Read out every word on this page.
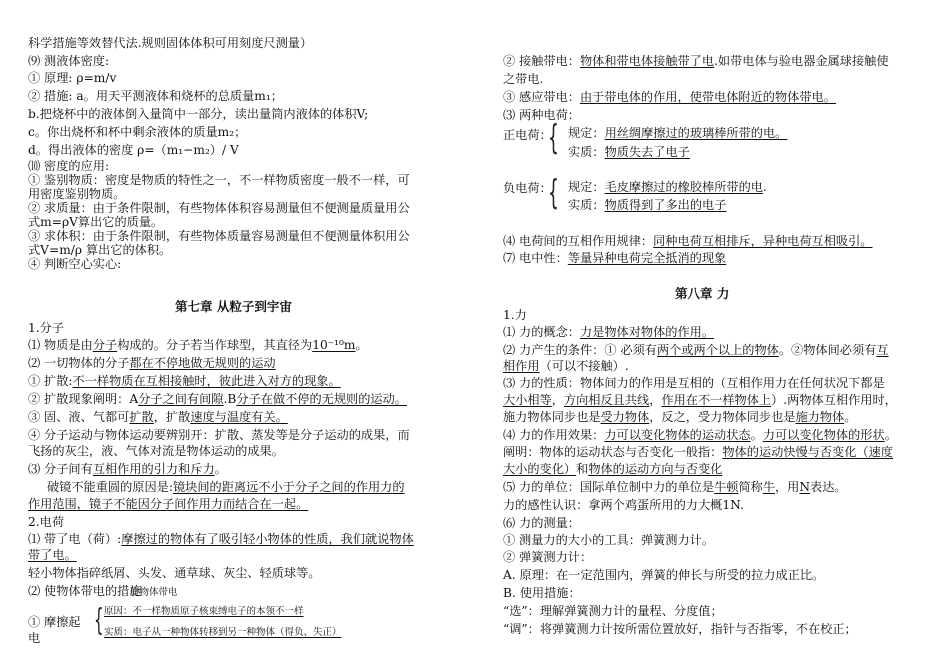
科学措施等效替代法.规则固体体积可用刻度尺测量）
⑼ 测液体密度:
① 原理: ρ=m/v
② 措施: a。用天平测液体和烧杯的总质量m₁；
b.把烧杯中的液体倒入量筒中一部分，读出量筒内液体的体积V;
c。你出烧杯和杯中剩余液体的质量m₂；
d。得出液体的密度 ρ=（m₁−m₂）/ V
⑽ 密度的应用:
① 鉴别物质：密度是物质的特性之一，不一样物质密度一般不一样，可
用密度鉴别物质。
② 求质量：由于条件限制，有些物体体积容易测量但不便测量质量用公
式m=ρV算出它的质量。
③ 求体积：由于条件限制，有些物体质量容易测量但不便测量体积用公
式V=m/ρ 算出它的体积。
④ 判断空心实心:
第七章 从粒子到宇宙
1.分子
⑴ 物质是由分子构成的。分子若当作球型，其直径为10⁻¹⁰m。
⑵ 一切物体的分子都在不停地做无规则的运动
① 扩散:不一样物质在互相接触时，彼此进入对方的现象。
② 扩散现象阐明：A分子之间有间隙.B分子在做不停的无规则的运动。
③ 固、液、气都可扩散，扩散速度与温度有关。
④ 分子运动与物体运动要辨别开：扩散、蒸发等是分子运动的成果，而
飞扬的灰尘，液、气体对流是物体运动的成果。
⑶ 分子间有互相作用的引力和斥力。
破镜不能重圆的原因是:镜块间的距离远不小于分子之间的作用力的
作用范围，镜子不能因分子间作用力而结合在一起。
2.电荷
⑴ 带了电（荷）:摩擦过的物体有了吸引轻小物体的性质，我们就说物体
带了电。
轻小物体指碎纸屑、头发、通草球、灰尘、轻质球等。
⑵ 使物体带电的措施
使物体带电
① 摩擦起
电 { 原因：不一样物质原子核束缚电子的本领不一样
实质：电子从一种物体转移到另一种物体（得负、失正）
② 接触带电：物体和带电体接触带了电.如带电体与验电器金属球接触使
之带电.
③ 感应带电：由于带电体的作用，使带电体附近的物体带电。
⑶ 两种电荷：
正电荷：
{ 规定：用丝绸摩擦过的玻璃棒所带的电。
实质：物质失去了电子
负电荷：
{ 规定：毛皮摩擦过的橡胶棒所带的电.
实质：物质得到了多出的电子
⑷ 电荷间的互相作用规律：同种电荷互相排斥，异种电荷互相吸引。
⑺ 电中性：等量异种电荷完全抵消的现象
第八章 力
1.力
⑴ 力的概念：力是物体对物体的作用。
⑵ 力产生的条件：① 必须有两个或两个以上的物体。②物体间必须有互
相作用（可以不接触）.
⑶ 力的性质：物体间力的作用是互相的（互相作用力在任何状况下都是
大小相等，方向相反且共线，作用在不一样物体上）.两物体互相作用时，
施力物体同步也是受力物体，反之，受力物体同步也是施力物体。
⑷ 力的作用效果：力可以变化物体的运动状态。力可以变化物体的形状。
阐明：物体的运动状态与否变化一般指：物体的运动快慢与否变化（速度
大小的变化）和物体的运动方向与否变化
⑸ 力的单位：国际单位制中力的单位是牛顿简称牛，用N表达。
力的感性认识：拿两个鸡蛋所用的力大概1N.
⑹ 力的测量：
① 测量力的大小的工具：弹簧测力计。
② 弹簧测力计：
A. 原理：在一定范围内，弹簧的伸长与所受的拉力成正比。
B. 使用措施：
“选”：理解弹簧测力计的量程、分度值；
“调”：将弹簧测力计按所需位置放好，指针与否指零，不在校正；
